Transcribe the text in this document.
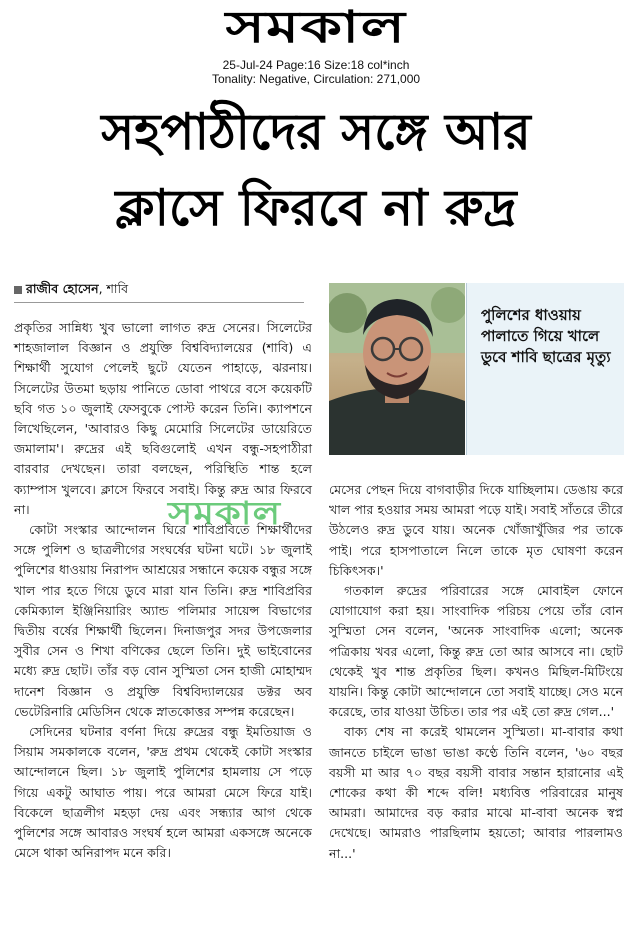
সমকাল
25-Jul-24 Page:16 Size:18 col*inch
Tonality: Negative, Circulation: 271,000
সহপাঠীদের সঙ্গে আর
ক্লাসে ফিরবে না রুদ্র
রাজীব হোসেন, শাবি
পুলিশের ধাওয়ায় পালাতে গিয়ে খালে ডুবে শাবি ছাত্রের মৃত্যু

প্রকৃতির সান্নিধ্য খুব ভালো লাগত রুদ্র সেনের। সিলেটের শাহজালাল বিজ্ঞান ও প্রযুক্তি বিশ্ববিদ্যালয়ের (শাবি) এ শিক্ষার্থী সুযোগ পেলেই ছুটে যেতেন পাহাড়ে, ঝরনায়। সিলেটের উতমা ছড়ায় পানিতে ডোবা পাথরে বসে কয়েকটি ছবি গত ১০ জুলাই ফেসবুকে পোস্ট করেন তিনি। ক্যাপশনে লিখেছিলেন, 'আবারও কিছু মেমোরি সিলেটের ডায়েরিতে জমালাম'। রুদ্রের এই ছবিগুলোই এখন বন্ধু-সহপাঠীরা বারবার দেখছেন। তারা বলছেন, পরিস্থিতি শান্ত হলে ক্যাম্পাস খুলবে। ক্লাসে ফিরবে সবাই। কিন্তু রুদ্র আর ফিরবে না।

কোটা সংস্কার আন্দোলন ঘিরে শাবিপ্রবিতে শিক্ষার্থীদের সঙ্গে পুলিশ ও ছাত্রলীগের সংঘর্ষের ঘটনা ঘটে। ১৮ জুলাই পুলিশের ধাওয়ায় নিরাপদ আশ্রয়ের সন্ধানে কয়েক বন্ধুর সঙ্গে খাল পার হতে গিয়ে ডুবে মারা যান তিনি। রুদ্র শাবিপ্রবির কেমিক্যাল ইঞ্জিনিয়ারিং অ্যান্ড পলিমার সায়েন্স বিভাগের দ্বিতীয় বর্ষের শিক্ষার্থী ছিলেন। দিনাজপুর সদর উপজেলার সুবীর সেন ও শিখা বণিকের ছেলে তিনি। দুই ভাইবোনের মধ্যে রুদ্র ছোট। তাঁর বড় বোন সুস্মিতা সেন হাজী মোহাম্মদ দানেশ বিজ্ঞান ও প্রযুক্তি বিশ্ববিদ্যালয়ের ডক্টর অব ভেটেরিনারি মেডিসিন থেকে স্নাতকোত্তর সম্পন্ন করেছেন।

সেদিনের ঘটনার বর্ণনা দিয়ে রুদ্রের বন্ধু ইমতিয়াজ ও সিয়াম সমকালকে বলেন, 'রুদ্র প্রথম থেকেই কোটা সংস্কার আন্দোলনে ছিল। ১৮ জুলাই পুলিশের হামলায় সে পড়ে গিয়ে একটু আঘাত পায়। পরে আমরা মেসে ফিরে যাই। বিকেলে ছাত্রলীগ মহড়া দেয় এবং সন্ধ্যার আগ থেকে পুলিশের সঙ্গে আবারও সংঘর্ষ হলে আমরা একসঙ্গে অনেকে মেসে থাকা অনিরাপদ মনে করি।

মেসের পেছন দিয়ে বাগবাড়ীর দিকে যাচ্ছিলাম। ডেঙায় করে খাল পার হওয়ার সময় আমরা পড়ে যাই। সবাই সাঁতরে তীরে উঠলেও রুদ্র ডুবে যায়। অনেক খোঁজাখুঁজির পর তাকে পাই। পরে হাসপাতালে নিলে তাকে মৃত ঘোষণা করেন চিকিৎসক।'

গতকাল রুদ্রের পরিবারের সঙ্গে মোবাইল ফোনে যোগাযোগ করা হয়। সাংবাদিক পরিচয় পেয়ে তাঁর বোন সুস্মিতা সেন বলেন, 'অনেক সাংবাদিক এলো; অনেক পত্রিকায় খবর এলো, কিন্তু রুদ্র তো আর আসবে না। ছোট থেকেই খুব শান্ত প্রকৃতির ছিল। কখনও মিছিল-মিটিংয়ে যায়নি। কিন্তু কোটা আন্দোলনে তো সবাই যাচ্ছে। সেও মনে করেছে, তার যাওয়া উচিত। তার পর এই তো রুদ্র গেল...'

বাক্য শেষ না করেই থামলেন সুস্মিতা। মা-বাবার কথা জানতে চাইলে ভাঙা ভাঙা কণ্ঠে তিনি বলেন, '৬০ বছর বয়সী মা আর ৭০ বছর বয়সী বাবার সন্তান হারানোর এই শোকের কথা কী শব্দে বলি! মধ্যবিত্ত পরিবারের মানুষ আমরা। আমাদের বড় করার মাঝে মা-বাবা অনেক স্বপ্ন দেখেছে। আমরাও পারছিলাম হয়তো; আবার পারলামও না...'

সমকাল
